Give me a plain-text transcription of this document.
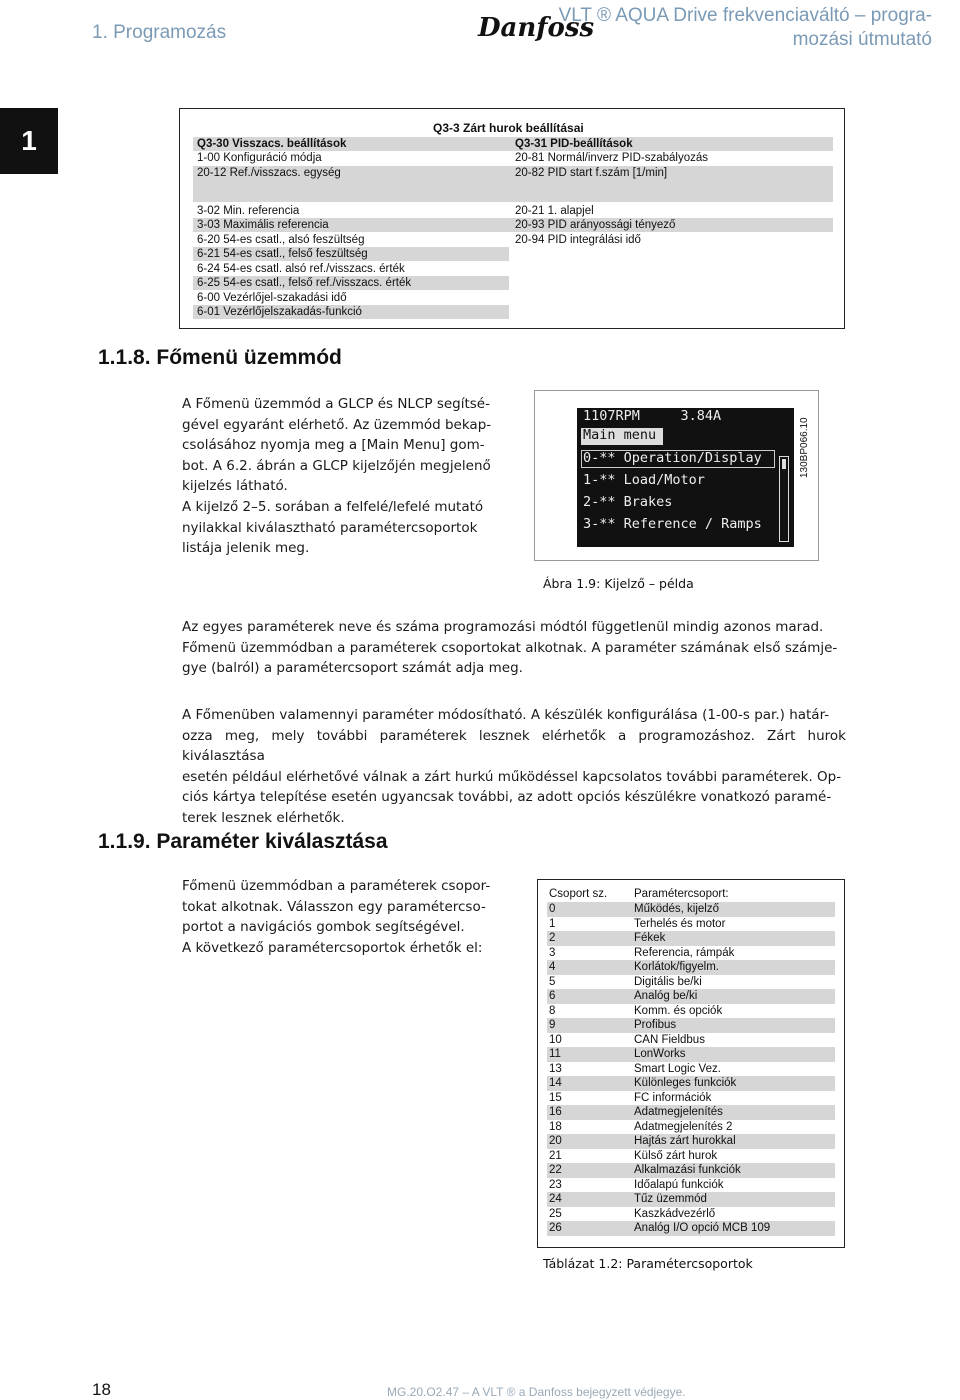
1. Programozás	Danfoss
VLT ® AQUA Drive frekvenciaváltó – progra-
mozási útmutató
1	Q3-3 Zárt hurok beállításai
Q3-30 Visszacs. beállítások	Q3-31 PID-beállítások
1-00 Konfiguráció módja	20-81 Normál/inverz PID-szabályozás
20-12 Ref./visszacs. egység	20-82 PID start f.szám [1/min]
3-02 Min. referencia	20-21 1. alapjel
3-03 Maximális referencia	20-93 PID arányossági tényező
6-20 54-es csatl., alsó feszültség	20-94 PID integrálási idő
6-21 54-es csatl., felső feszültség
6-24 54-es csatl. alsó ref./visszacs. érték
6-25 54-es csatl., felső ref./visszacs. érték
6-00 Vezérlőjel-szakadási idő
6-01 Vezérlőjelszakadás-funkció
1.1.8. Főmenü üzemmód
A Főmenü üzemmód a GLCP és NLCP segítsé-
gével egyaránt elérhető. Az üzemmód bekap-
csolásához nyomja meg a [Main Menu] gom-
bot. A 6.2. ábrán a GLCP kijelzőjén megjelenő
kijelzés látható.
A kijelző 2–5. sorában a felfelé/lefelé mutató
nyilakkal kiválasztható paramétercsoportok
listája jelenik meg.
1107RPM     3.84A
Main menu
0-** Operation/Display
1-** Load/Motor
2-** Brakes
3-** Reference / Ramps
130BP066.10
Ábra 1.9: Kijelző – példa
Az egyes paraméterek neve és száma programozási módtól függetlenül mindig azonos marad.
Főmenü üzemmódban a paraméterek csoportokat alkotnak. A paraméter számának első számje-
gye (balról) a paramétercsoport számát adja meg.
A Főmenüben valamennyi paraméter módosítható. A készülék konfigurálása (1-00-s par.) határ-
ozza meg, mely további paraméterek lesznek elérhetők a programozáshoz. Zárt hurok kiválasztása
esetén például elérhetővé válnak a zárt hurkú működéssel kapcsolatos további paraméterek. Op-
ciós kártya telepítése esetén ugyancsak további, az adott opciós készülékre vonatkozó paramé-
terek lesznek elérhetők.
1.1.9. Paraméter kiválasztása
Főmenü üzemmódban a paraméterek csopor-
tokat alkotnak. Válasszon egy paramétercso-
portot a navigációs gombok segítségével.
A következő paramétercsoportok érhetők el:
Csoport sz. Paramétercsoport:
0	Működés, kijelző
1	Terhelés és motor
2	Fékek
3	Referencia, rámpák
4	Korlátok/figyelm.
5	Digitális be/ki
6	Analóg be/ki
8	Komm. és opciók
9	Profibus
10	CAN Fieldbus
11	LonWorks
13	Smart Logic Vez.
14	Különleges funkciók
15	FC információk
16	Adatmegjelenítés
18	Adatmegjelenítés 2
20	Hajtás zárt hurokkal
21	Külső zárt hurok
22	Alkalmazási funkciók
23	Időalapú funkciók
24	Tűz üzemmód
25	Kaszkádvezérlő
26	Analóg I/O opció MCB 109
Táblázat 1.2: Paramétercsoportok
18	MG.20.O2.47 – A VLT ® a Danfoss bejegyzett védjegye.
